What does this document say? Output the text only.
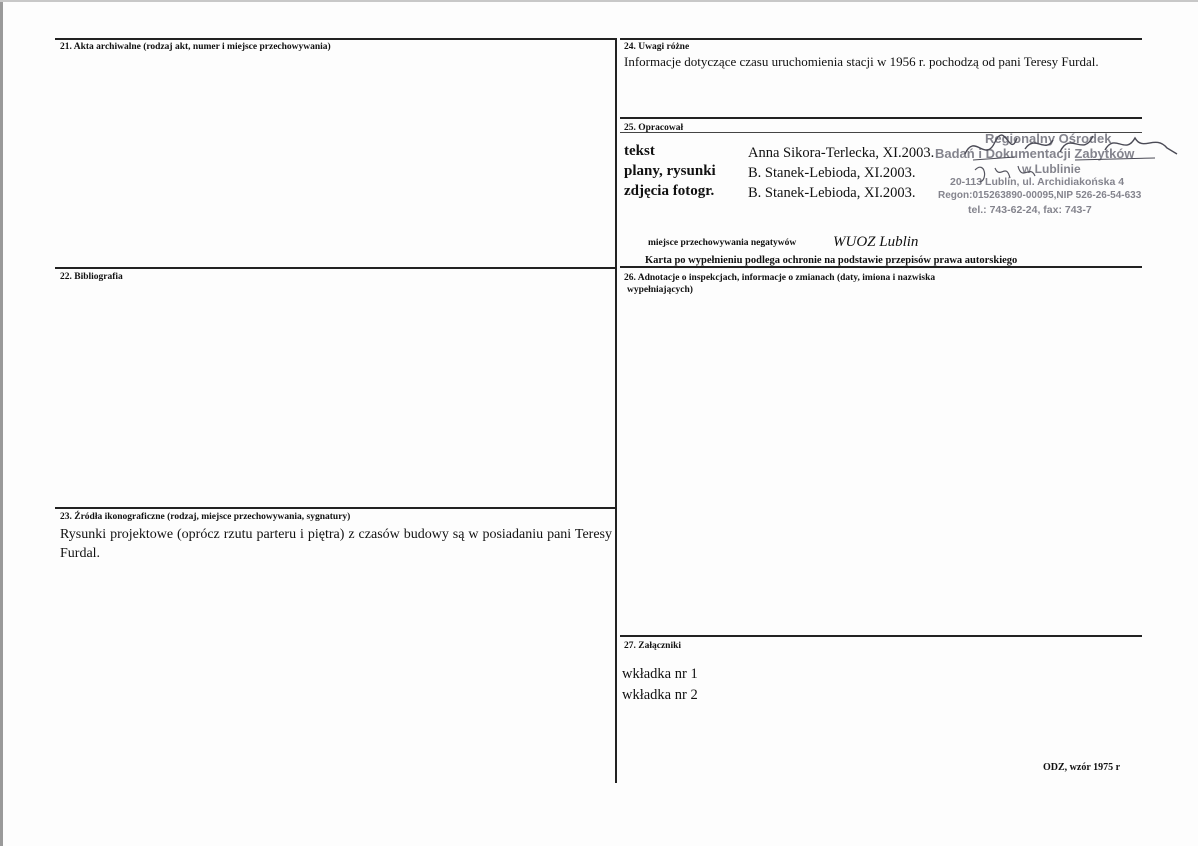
21. Akta archiwalne (rodzaj akt, numer i miejsce przechowywania)
22. Bibliografia
23. Źródła ikonograficzne (rodzaj, miejsce przechowywania, sygnatury)
Rysunki projektowe (oprócz rzutu parteru i piętra) z czasów budowy są w posiadaniu pani Teresy Furdal.
24. Uwagi różne
Informacje dotyczące czasu uruchomienia stacji w 1956 r. pochodzą od pani Teresy Furdal.
25. Opracował
tekst	Anna Sikora-Terlecka, XI.2003.
plany, rysunki B. Stanek-Lebioda, XI.2003.
zdjęcia fotogr. B. Stanek-Lebioda, XI.2003.
Regionalny Ośrodek
Badań i Dokumentacji Zabytków
w Lublinie
20-113 Lublin, ul. Archidiakońska 4
Regon:015263890-00095,NIP 526-26-54-633
tel.: 743-62-24, fax: 743-7
miejsce przechowywania negatywów WUOZ Lublin
Karta po wypełnieniu podlega ochronie na podstawie przepisów prawa autorskiego
26. Adnotacje o inspekcjach, informacje o zmianach (daty, imiona i nazwiska
wypełniających)
27. Załączniki
wkładka nr 1
wkładka nr 2
ODZ, wzór 1975 r
